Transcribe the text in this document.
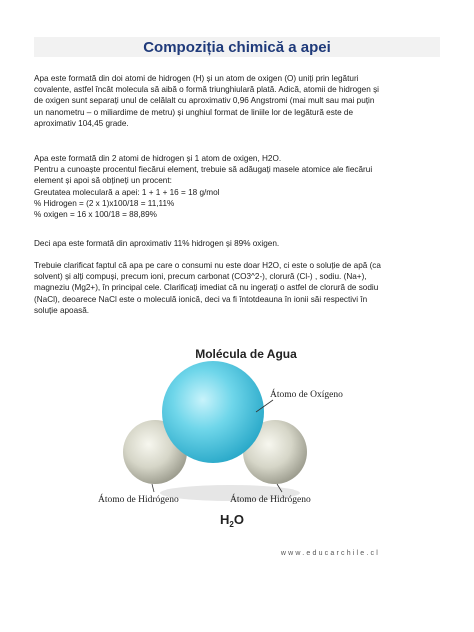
Compoziția chimică a apei

Apa este formată din doi atomi de hidrogen (H) și un atom de oxigen (O) uniți prin legături
covalente, astfel încât molecula să aibă o formă triunghiulară plată. Adică, atomii de hidrogen și
de oxigen sunt separați unul de celălalt cu aproximativ 0,96 Angstromi (mai mult sau mai puțin
un nanometru – o miliardime de metru) și unghiul format de liniile lor de legătură este de
aproximativ 104,45 grade.

Apa este formată din 2 atomi de hidrogen și 1 atom de oxigen, H2O.
Pentru a cunoaște procentul fiecărui element, trebuie să adăugați masele atomice ale fiecărui
element și apoi să obțineți un procent:
Greutatea moleculară a apei: 1 + 1 + 16 = 18 g/mol
% Hidrogen = (2 x 1)x100/18 = 11,11%
% oxigen = 16 x 100/18 = 88,89%

Deci apa este formată din aproximativ 11% hidrogen și 89% oxigen.

Trebuie clarificat faptul că apa pe care o consumi nu este doar H2O, ci este o soluție de apă (ca
solvent) și alți compuși, precum ioni, precum carbonat (CO3^2-), clorură (Cl-) , sodiu. (Na+),
magneziu (Mg2+), în principal cele. Clarificați imediat că nu ingerați o astfel de clorură de sodiu
(NaCl), deoarece NaCl este o moleculă ionică, deci va fi întotdeauna în ionii săi respectivi în
soluție apoasă.

Molécula de Agua
Átomo de Oxígeno
Átomo de Hidrógeno	Átomo de Hidrógeno
$H_2O$
www.educarchile.cl
